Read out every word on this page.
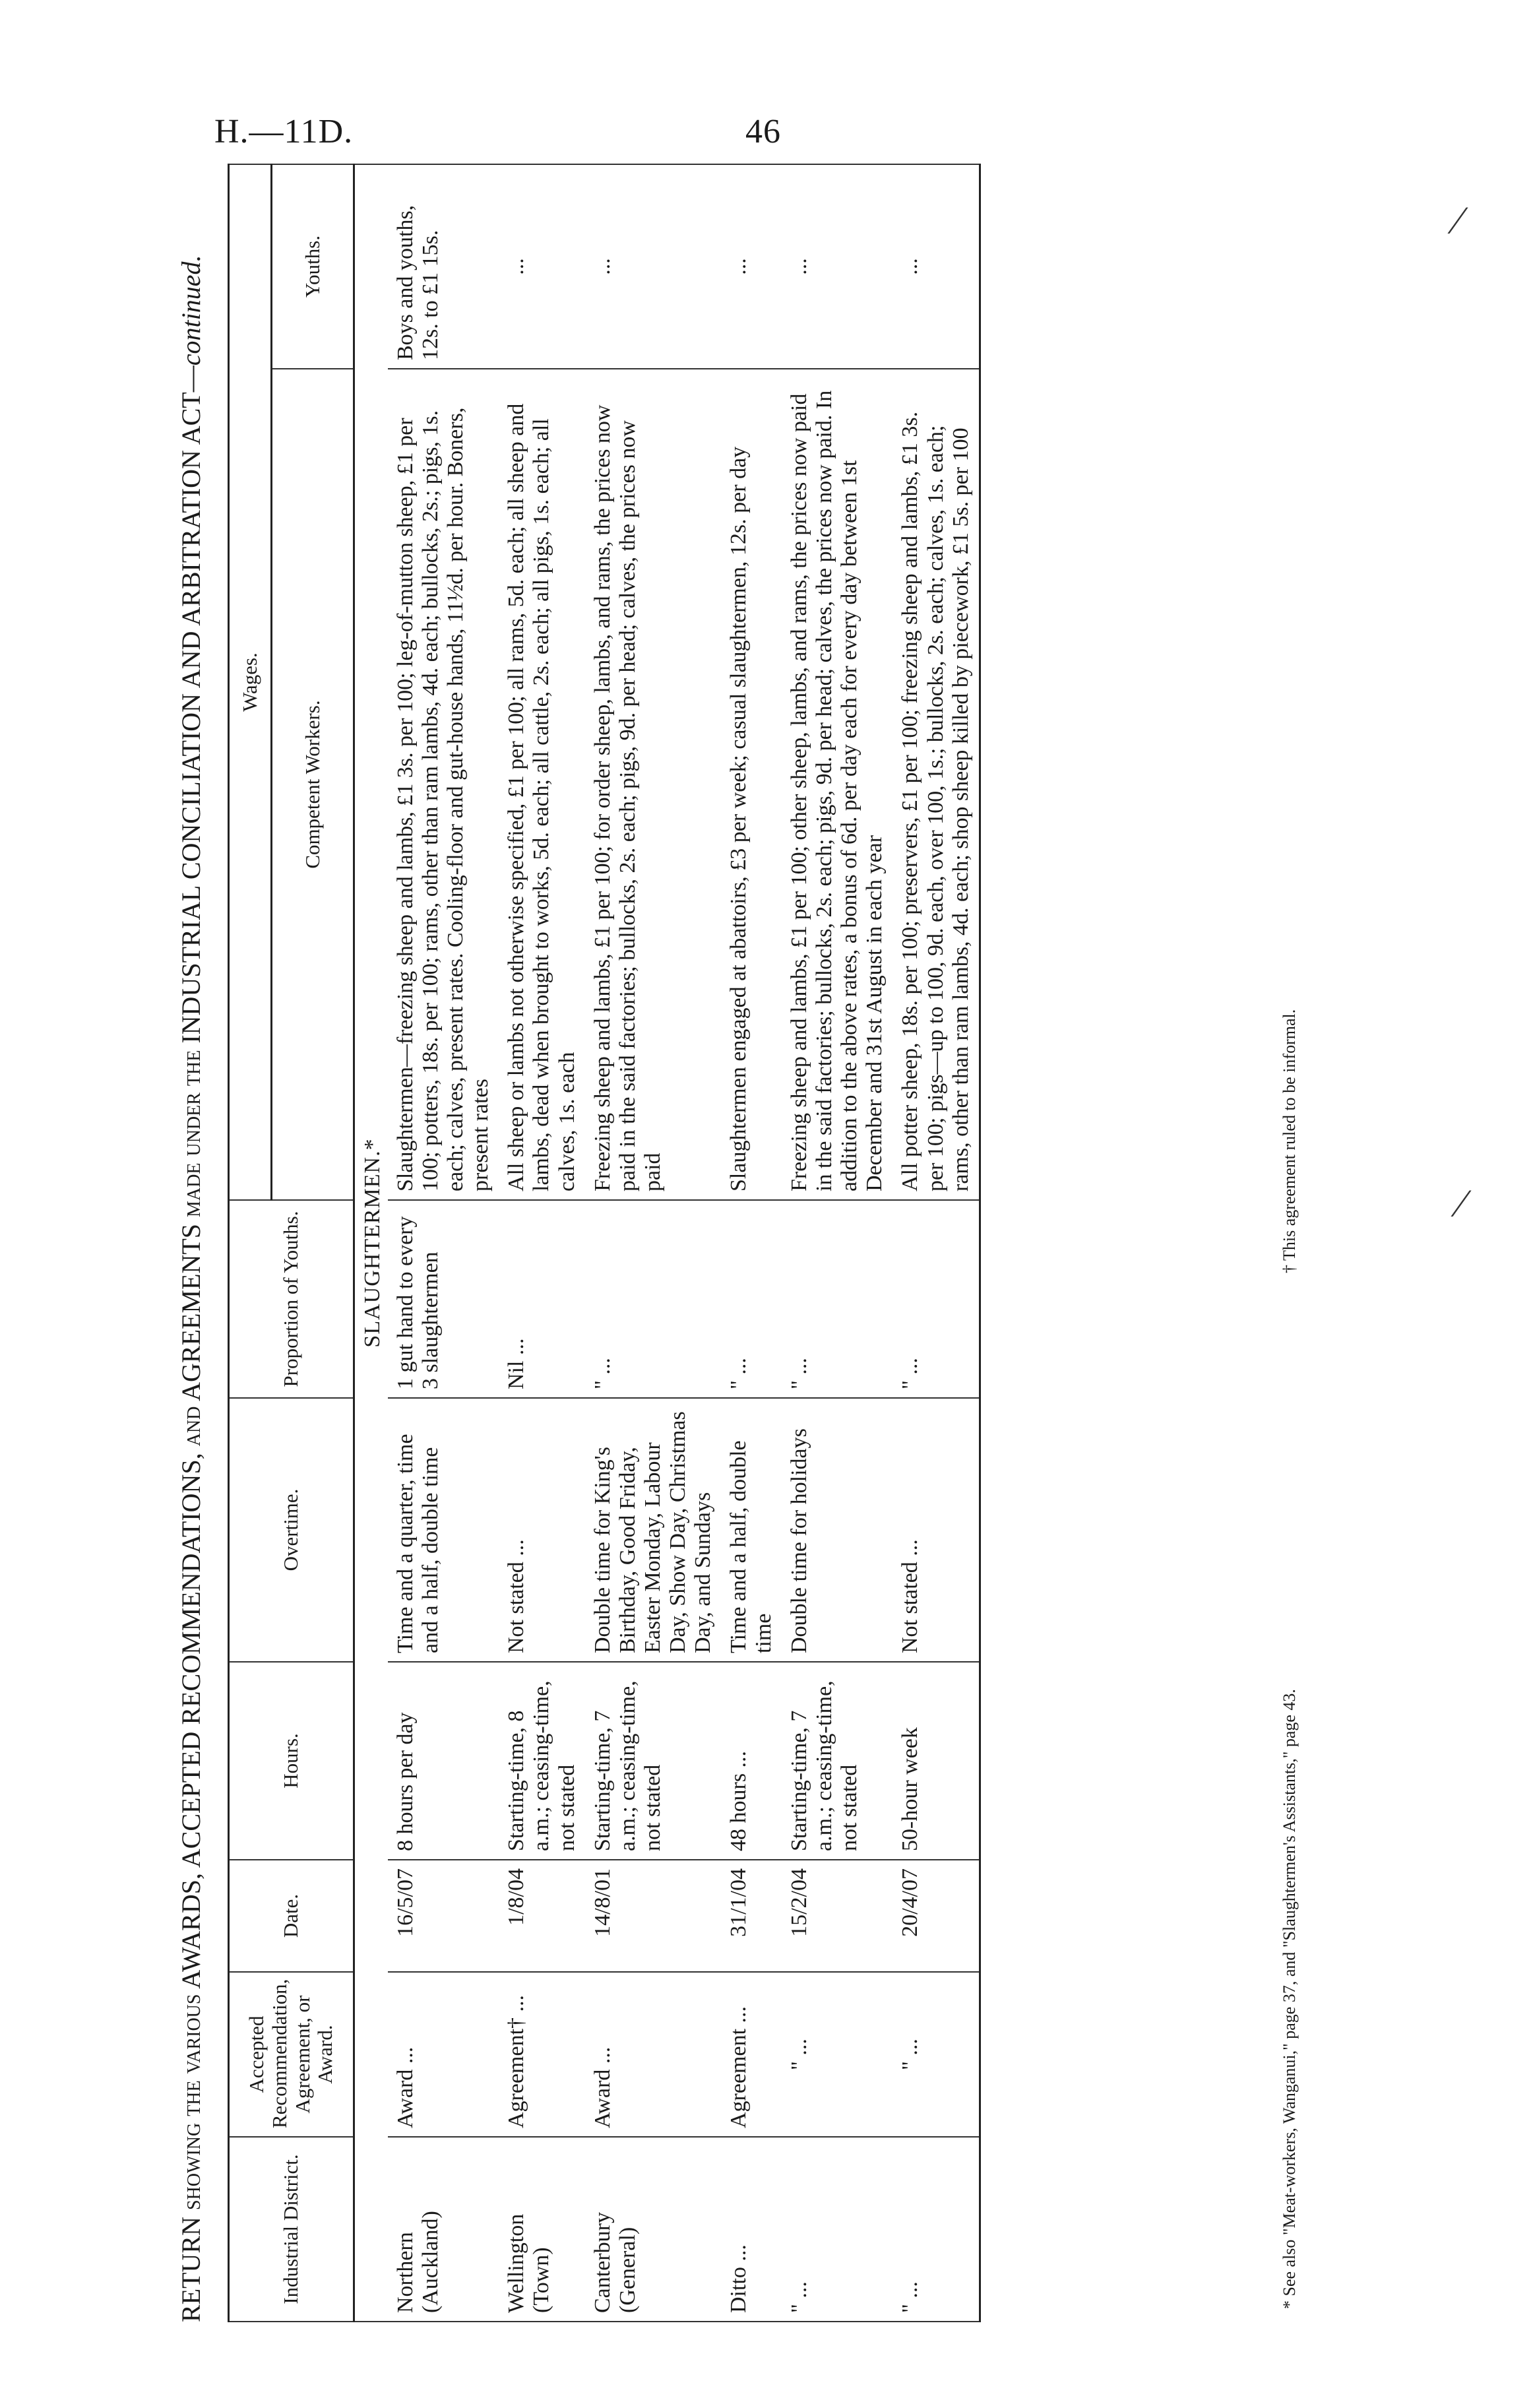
H.—11D.	46
RETURN showing the various AWARDS, ACCEPTED RECOMMENDATIONS, and AGREEMENTS made under the INDUSTRIAL CONCILIATION AND ARBITRATION ACT—continued.
Industrial District.	Accepted Recommendation, Agreement, or Award.	Date.	Hours.	Overtime.	Proportion of Youths.	Wages.	
						Competent Workers.	Youths.
SLAUGHTERMEN.*							
Northern (Auckland)	Award ...	16/5/07	8 hours per day	Time and a quarter, time and a half, double time	1 gut hand to every 3 slaughtermen	Slaughtermen—freezing sheep and lambs, £1 3s. per 100; leg-of-mutton sheep, £1 per 100; potters, 18s. per 100; rams, other than ram lambs, 4d. each; bullocks, 2s.; pigs, 1s. each; calves, present rates. Cooling-floor and gut-house hands, 11½d. per hour. Boners, present rates	Boys and youths, 12s. to £1 15s.
Wellington (Town)	Agreement† ...	1/8/04	Starting-time, 8 a.m.; ceasing-time, not stated	Not stated ...	Nil ...	All sheep or lambs not otherwise specified, £1 per 100; all rams, 5d. each; all sheep and lambs, dead when brought to works, 5d. each; all cattle, 2s. each; all pigs, 1s. each; all calves, 1s. each	...
Canterbury (General)	Award ...	14/8/01	Starting-time, 7 a.m.; ceasing-time, not stated	Double time for King's Birthday, Good Friday, Easter Monday, Labour Day, Show Day, Christmas Day, and Sundays	" ...	Freezing sheep and lambs, £1 per 100; for order sheep, lambs, and rams, the prices now paid in the said factories; bullocks, 2s. each; pigs, 9d. per head; calves, the prices now paid	...
Ditto ...	Agreement ...	31/1/04	48 hours ...	Time and a half, double time	" ...	Slaughtermen engaged at abattoirs, £3 per week; casual slaughtermen, 12s. per day	...
" ...	" ...	15/2/04	Starting-time, 7 a.m.; ceasing-time, not stated	Double time for holidays	" ...	Freezing sheep and lambs, £1 per 100; other sheep, lambs, and rams, the prices now paid in the said factories; bullocks, 2s. each; pigs, 9d. per head; calves, the prices now paid. In addition to the above rates, a bonus of 6d. per day each for every day between 1st December and 31st August in each year	...
" ...	" ...	20/4/07	50-hour week	Not stated ...	" ...	All potter sheep, 18s. per 100; preservers, £1 per 100; freezing sheep and lambs, £1 3s. per 100; pigs—up to 100, 9d. each, over 100, 1s.; bullocks, 2s. each; calves, 1s. each; rams, other than ram lambs, 4d. each; shop sheep killed by piecework, £1 5s. per 100	...
* See also "Meat-workers, Wanganui," page 37, and "Slaughtermen's Assistants," page 43.
† This agreement ruled to be informal.
⁄
⁄
